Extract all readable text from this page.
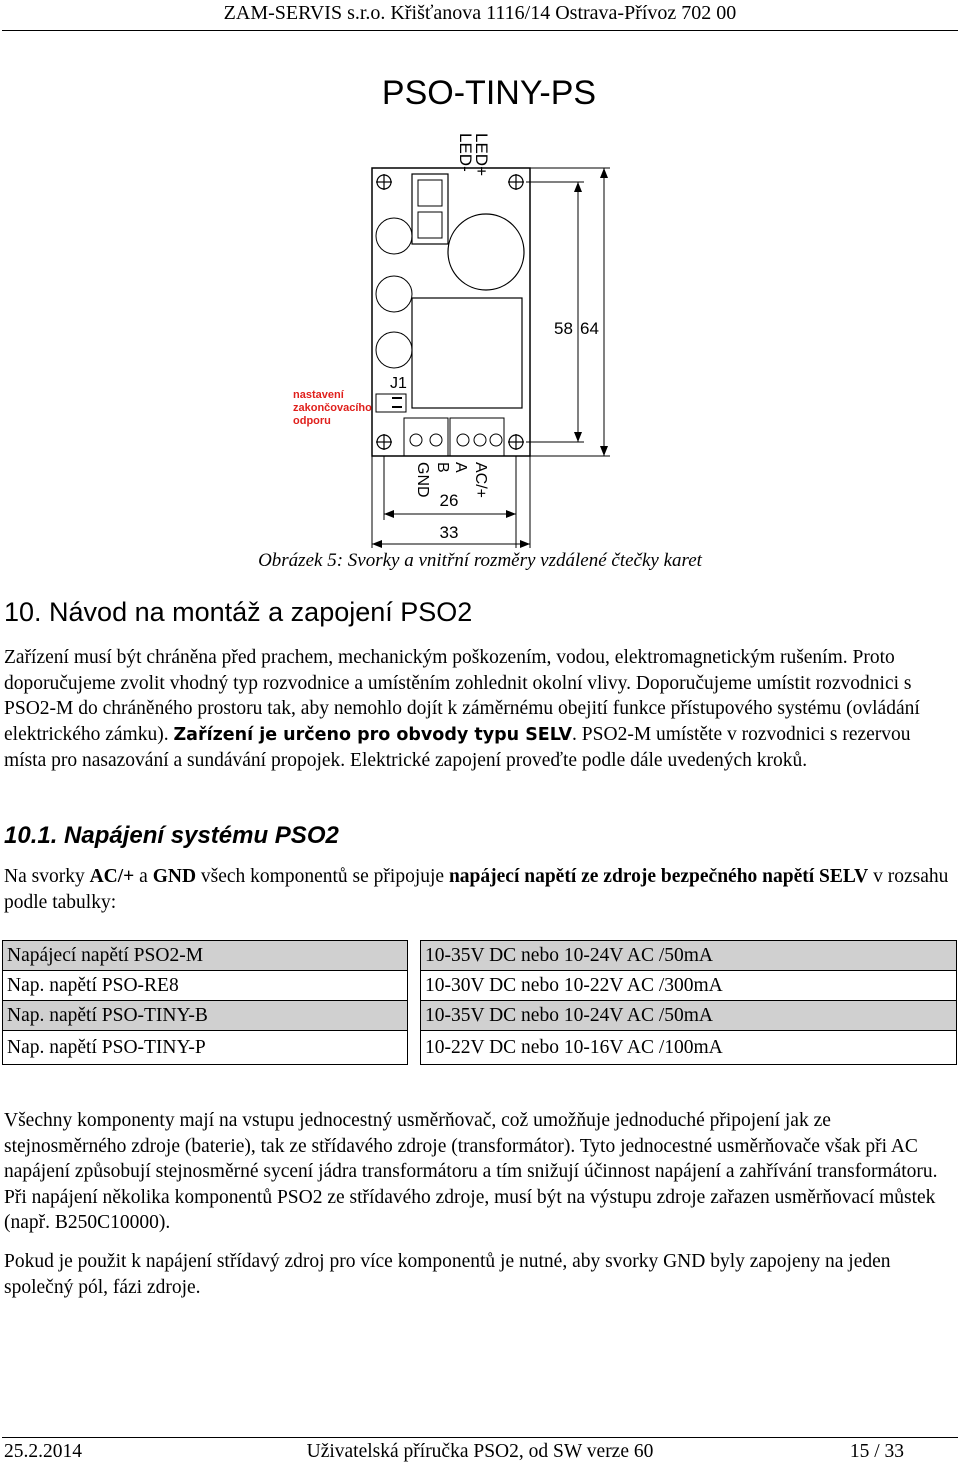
ZAM-SERVIS s.r.o. Křišťanova 1116/14 Ostrava-Přívoz 702 00
PSO-TINY-PS
LED+
LED-
J1
nastavení
zakončovacího
odporu
58 64
AC/+
A
B
GND
26
33
Obrázek 5: Svorky a vnitřní rozměry vzdálené čtečky karet
10. Návod na montáž a zapojení PSO2
Zařízení musí být chráněna před prachem, mechanickým poškozením, vodou, elektromagnetickým rušením. Proto doporučujeme zvolit vhodný typ rozvodnice a umístěním zohlednit okolní vlivy. Doporučujeme umístit rozvodnici s PSO2-M do chráněného prostoru tak, aby nemohlo dojít k záměrnému obejití funkce přístupového systému (ovládání elektrického zámku). Zařízení je určeno pro obvody typu SELV. PSO2-M umístěte v rozvodnici s rezervou místa pro nasazování a sundávání propojek. Elektrické zapojení proveďte podle dále uvedených kroků.
10.1. Napájení systému PSO2
Na svorky AC/+ a GND všech komponentů se připojuje napájecí napětí ze zdroje bezpečného napětí SELV v rozsahu podle tabulky:
Napájecí napětí PSO2-M		10-35V DC nebo 10-24V AC /50mA
Nap. napětí PSO-RE8		10-30V DC nebo 10-22V AC /300mA
Nap. napětí PSO-TINY-B		10-35V DC nebo 10-24V AC /50mA
Nap. napětí PSO-TINY-P		10-22V DC nebo 10-16V AC /100mA
Všechny komponenty mají na vstupu jednocestný usměrňovač, což umožňuje jednoduché připojení jak ze stejnosměrného zdroje (baterie), tak ze střídavého zdroje (transformátor). Tyto jednocestné usměrňovače však při AC napájení způsobují stejnosměrné sycení jádra transformátoru a tím snižují účinnost napájení a zahřívání transformátoru. Při napájení několika komponentů PSO2 ze střídavého zdroje, musí být na výstupu zdroje zařazen usměrňovací můstek (např. B250C10000).
Pokud je použit k napájení střídavý zdroj pro více komponentů je nutné, aby svorky GND byly zapojeny na jeden společný pól, fázi zdroje.
25.2.2014	Uživatelská příručka PSO2, od SW verze 60	15 / 33
